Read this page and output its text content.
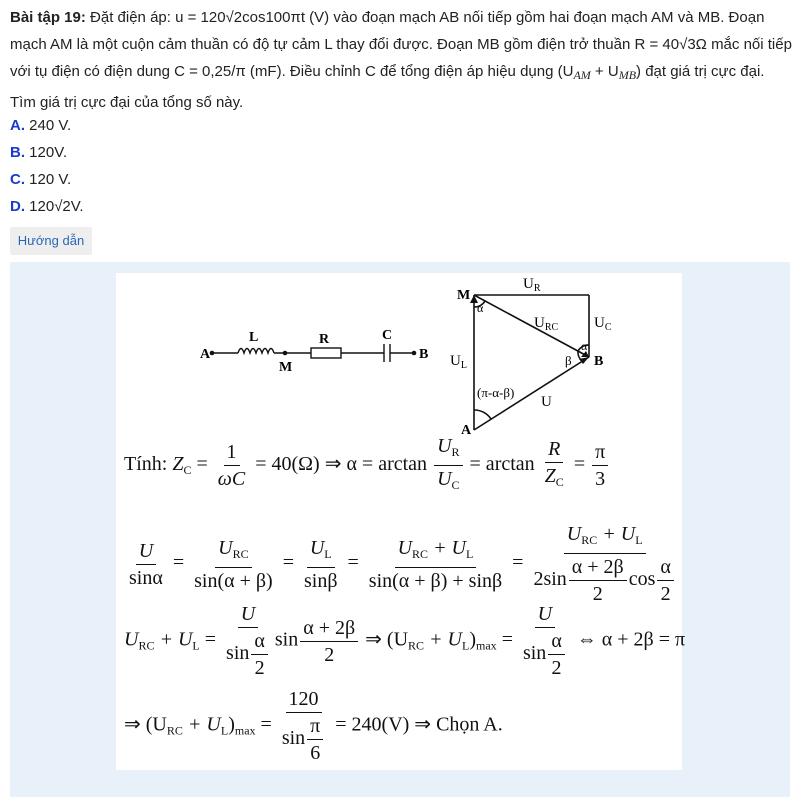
Bài tập 19: Đặt điện áp: u = 120√2cos100πt (V) vào đoạn mạch AB nối tiếp gồm hai đoạn mạch AM và MB. Đoạn mạch AM là một cuộn cảm thuần có độ tự cảm L thay đổi được. Đoạn MB gồm điện trở thuần R = 40√3Ω mắc nối tiếp với tụ điện có điện dung C = 0,25/π (mF). Điều chỉnh C để tổng điện áp hiệu dụng $(U_{AM} + U_{MB})$ đạt giá trị cực đại. Tìm giá trị cực đại của tổng số này.
A. 240 V.
B. 120V.
C. 120 V.
D. 120√2V.
Hướng dẫn
A
L
M
R	C
B
M
A
B
$U_R$
$U_{RC}$ $U_C$
$U_L$
U
α
α
β
(π-α-β)
Tính: $Z_C = \frac{1}{\omega C} = 40(\Omega)$ ⇒ $\alpha = \arctan \frac{U_R}{U_C} = \arctan \frac{R}{Z_C} = \frac{\pi}{3}$
$\frac{U}{\sin\alpha} = \frac{U_{RC}}{\sin(\alpha + \beta)} = \frac{U_L}{\sin\beta} = \frac{U_{RC} + U_L}{\sin(\alpha + \beta) + \sin\beta} = \frac{U_{RC} + U_L}{2\sin \frac{\alpha + 2\beta}{2} \cos \frac{\alpha}{2}}$
$U_{RC} + U_L = \frac{U}{\sin \frac{\alpha}{2}}$ $\sin \frac{\alpha + 2\beta}{2}$ ⇒ $(U_{RC} + U_L)_{max} = \frac{U}{\sin \frac{\alpha}{2}}$ ⇔ α + 2β = π
⇒ $(U_{RC} + U_L)_{max} = \frac{120}{\sin \frac{\pi}{6}} = 240(V)$ ⇒ Chọn A.
